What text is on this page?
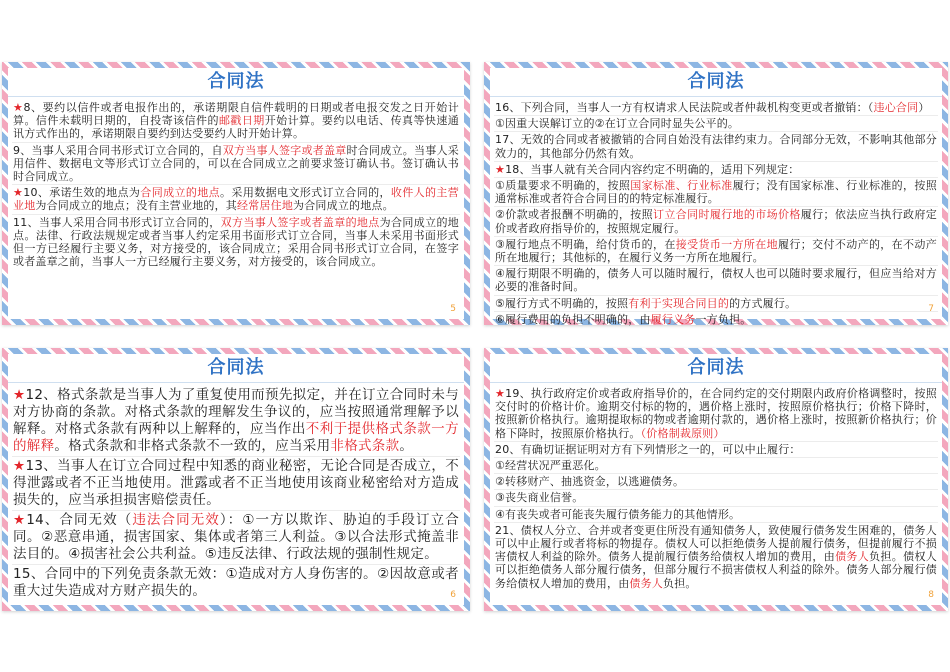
合同法

★8、要约以信件或者电报作出的，承诺期限自信件载明的日期或者电报交发之日开始计算。信件未载明日期的，自投寄该信件的邮戳日期开始计算。要约以电话、传真等快速通讯方式作出的，承诺期限自要约到达受要约人时开始计算。

9、当事人采用合同书形式订立合同的，自双方当事人签字或者盖章时合同成立。当事人采用信件、数据电文等形式订立合同的，可以在合同成立之前要求签订确认书。签订确认书时合同成立。

★10、承诺生效的地点为合同成立的地点。采用数据电文形式订立合同的，收件人的主营业地为合同成立的地点；没有主营业地的，其经常居住地为合同成立的地点。

11、当事人采用合同书形式订立合同的，双方当事人签字或者盖章的地点为合同成立的地点。法律、行政法规规定或者当事人约定采用书面形式订立合同，当事人未采用书面形式但一方已经履行主要义务，对方接受的，该合同成立；采用合同书形式订立合同，在签字或者盖章之前，当事人一方已经履行主要义务，对方接受的，该合同成立。

5
合同法

16、下列合同，当事人一方有权请求人民法院或者仲裁机构变更或者撤销：（违心合同）

①因重大误解订立的②在订立合同时显失公平的。

17、无效的合同或者被撤销的合同自始没有法律约束力。合同部分无效，不影响其他部分效力的，其他部分仍然有效。

★18、当事人就有关合同内容约定不明确的，适用下列规定：

①质量要求不明确的，按照国家标准、行业标准履行；没有国家标准、行业标准的，按照通常标准或者符合合同目的的特定标准履行。

②价款或者报酬不明确的，按照订立合同时履行地的市场价格履行；依法应当执行政府定价或者政府指导价的，按照规定履行。

③履行地点不明确，给付货币的，在接受货币一方所在地履行；交付不动产的，在不动产所在地履行；其他标的，在履行义务一方所在地履行。

④履行期限不明确的，债务人可以随时履行，债权人也可以随时要求履行，但应当给对方必要的准备时间。

⑤履行方式不明确的，按照有利于实现合同目的的方式履行。

⑥履行费用的负担不明确的，由履行义务一方负担。

7
合同法

★12、格式条款是当事人为了重复使用而预先拟定，并在订立合同时未与对方协商的条款。对格式条款的理解发生争议的，应当按照通常理解予以解释。对格式条款有两种以上解释的，应当作出不利于提供格式条款一方的解释。格式条款和非格式条款不一致的，应当采用非格式条款。

★13、当事人在订立合同过程中知悉的商业秘密，无论合同是否成立，不得泄露或者不正当地使用。泄露或者不正当地使用该商业秘密给对方造成损失的，应当承担损害赔偿责任。

★14、合同无效（违法合同无效）：①一方以欺诈、胁迫的手段订立合同。②恶意串通，损害国家、集体或者第三人利益。③以合法形式掩盖非法目的。④损害社会公共利益。⑤违反法律、行政法规的强制性规定。

15、合同中的下列免责条款无效：①造成对方人身伤害的。②因故意或者重大过失造成对方财产损失的。	6
合同法

★19、执行政府定价或者政府指导价的，在合同约定的交付期限内政府价格调整时，按照交付时的价格计价。逾期交付标的物的，遇价格上涨时，按照原价格执行；价格下降时，按照新价格执行。逾期提取标的物或者逾期付款的，遇价格上涨时，按照新价格执行；价格下降时，按照原价格执行。（价格制裁原则）

20、有确切证据证明对方有下列情形之一的，可以中止履行：

①经营状况严重恶化。

②转移财产、抽逃资金，以逃避债务。

③丧失商业信誉。

④有丧失或者可能丧失履行债务能力的其他情形。

21、债权人分立、合并或者变更住所没有通知债务人，致使履行债务发生困难的，债务人可以中止履行或者将标的物提存。债权人可以拒绝债务人提前履行债务，但提前履行不损害债权人利益的除外。债务人提前履行债务给债权人增加的费用，由债务人负担。债权人可以拒绝债务人部分履行债务，但部分履行不损害债权人利益的除外。债务人部分履行债务给债权人增加的费用，由债务人负担。

8
